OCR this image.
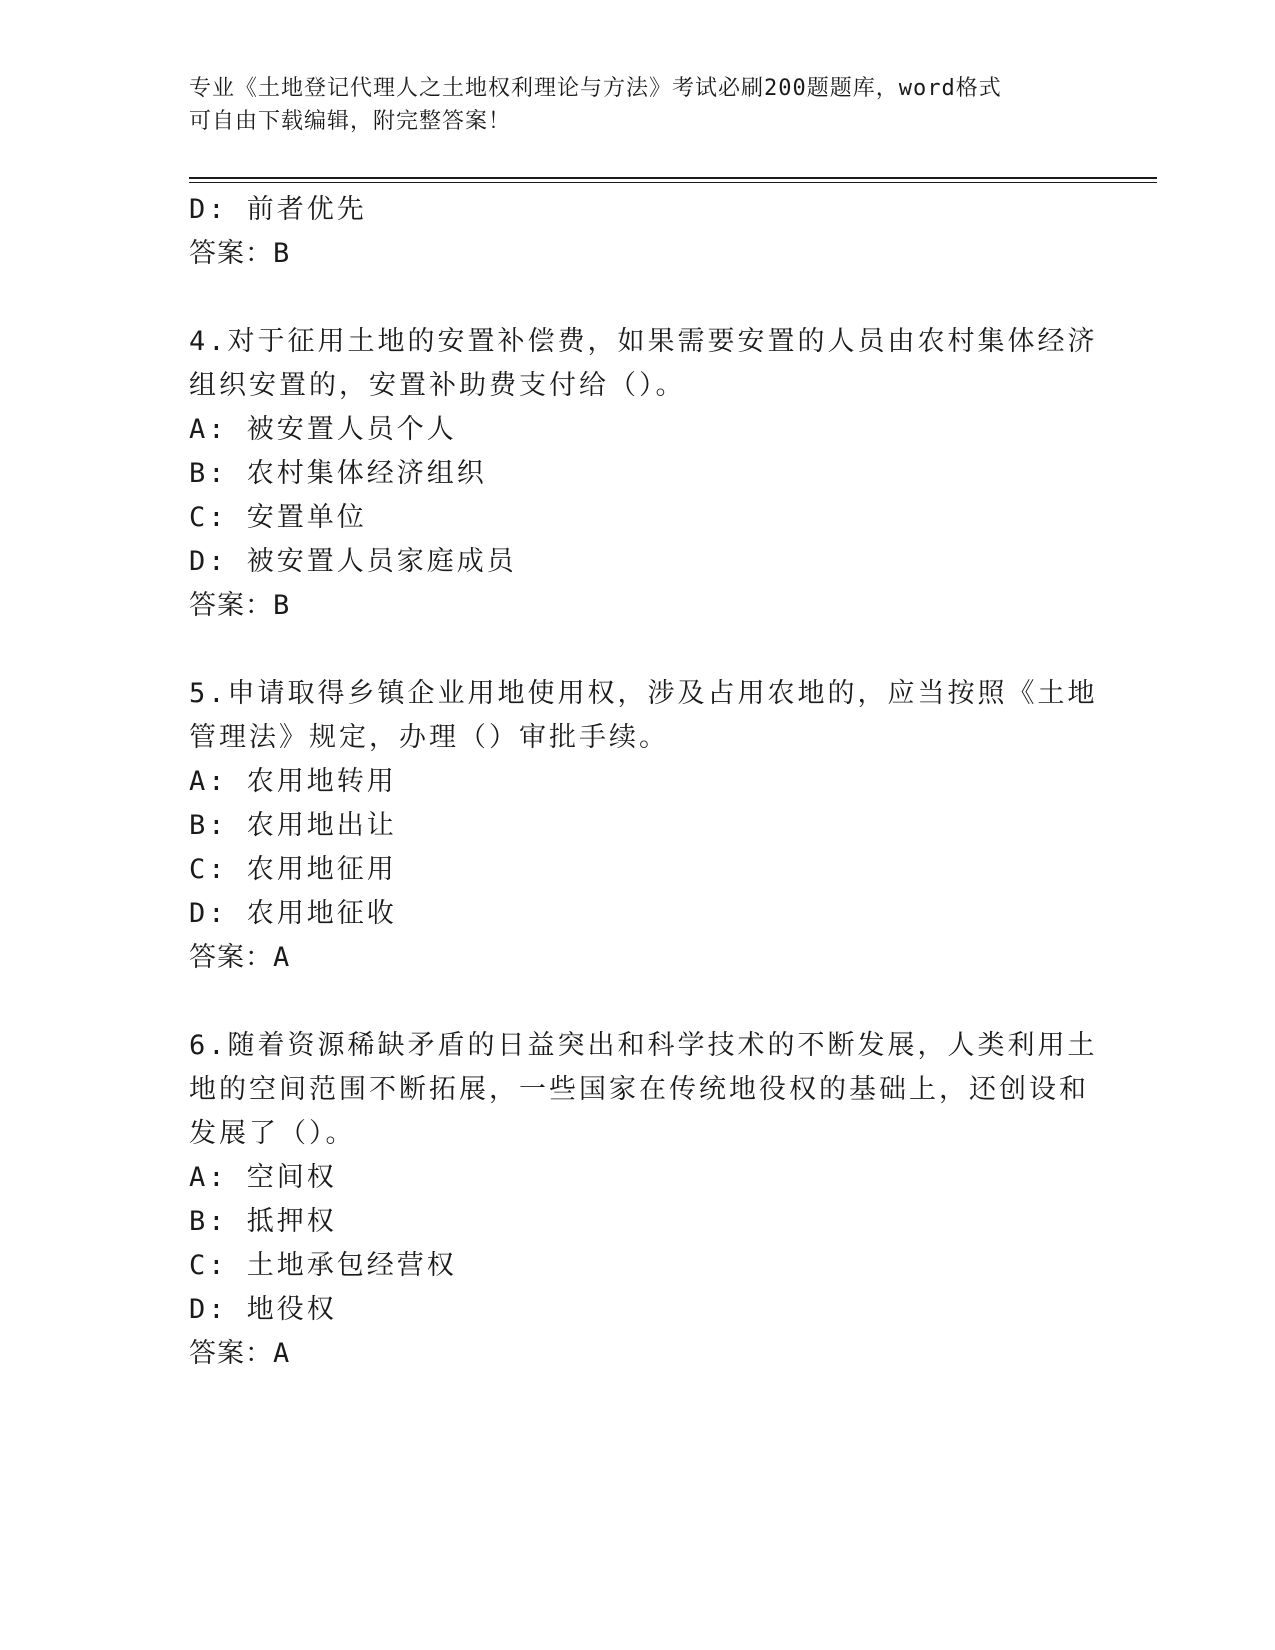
专业《土地登记代理人之土地权利理论与方法》考试必刷200题题库，word格式
可自由下载编辑，附完整答案！
D: 前者优先
答案：B
4.对于征用土地的安置补偿费，如果需要安置的人员由农村集体经济
组织安置的，安置补助费支付给（）。
A: 被安置人员个人
B: 农村集体经济组织
C: 安置单位
D: 被安置人员家庭成员
答案：B
5.申请取得乡镇企业用地使用权，涉及占用农地的，应当按照《土地
管理法》规定，办理（）审批手续。
A: 农用地转用
B: 农用地出让
C: 农用地征用
D: 农用地征收
答案：A
6.随着资源稀缺矛盾的日益突出和科学技术的不断发展，人类利用土
地的空间范围不断拓展，一些国家在传统地役权的基础上，还创设和
发展了（）。
A: 空间权
B: 抵押权
C: 土地承包经营权
D: 地役权
答案：A
